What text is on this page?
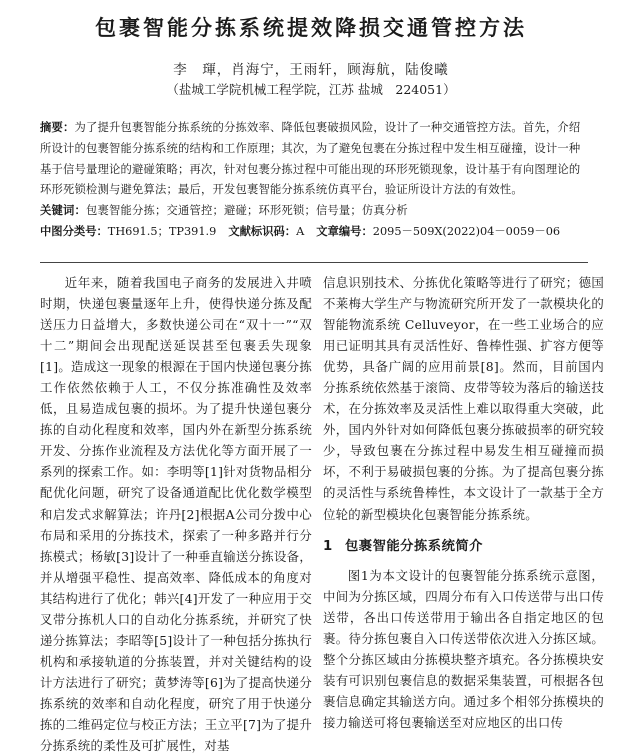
包裹智能分拣系统提效降损交通管控方法
李　琿，肖海宁，王雨轩，顾海航，陆俊曦
（盐城工学院机械工程学院，江苏 盐城　224051）

摘要：为了提升包裹智能分拣系统的分拣效率、降低包裹破损风险，设计了一种交通管控方法。首先，介绍所设计的包裹智能分拣系统的结构和工作原理；其次，为了避免包裹在分拣过程中发生相互碰撞，设计一种基于信号量理论的避碰策略；再次，针对包裹分拣过程中可能出现的环形死锁现象，设计基于有向图理论的环形死锁检测与避免算法；最后，开发包裹智能分拣系统仿真平台，验证所设计方法的有效性。

关键词：包裹智能分拣；交通管控；避碰；环形死锁；信号量；仿真分析

中图分类号：TH691.5；TP391.9 文献标识码：A 文章编号：2095－509X(2022)04－0059－06

近年来，随着我国电子商务的发展进入井喷时期，快递包裹量逐年上升，使得快递分拣及配送压力日益增大，多数快递公司在“双十一”“双十二”期间会出现配送延误甚至包裹丢失现象[1]。造成这一现象的根源在于国内快递包裹分拣工作依然依赖于人工，不仅分拣准确性及效率低，且易造成包裹的损坏。为了提升快递包裹分拣的自动化程度和效率，国内外在新型分拣系统开发、分拣作业流程及方法优化等方面开展了一系列的探索工作。如：李明等[1]针对货物品相分配优化问题，研究了设备通道配比优化数学模型和启发式求解算法；许丹[2]根据A公司分拨中心布局和采用的分拣技术，探索了一种多路并行分拣模式；杨敏[3]设计了一种垂直输送分拣设备，并从增强平稳性、提高效率、降低成本的角度对其结构进行了优化；韩兴[4]开发了一种应用于交叉带分拣机人口的自动化分拣系统，并研究了快递分拣算法；李昭等[5]设计了一种包括分拣执行机构和承接轨道的分拣装置，并对关键结构的设计方法进行了研究；黄梦涛等[6]为了提高快递分拣系统的效率和自动化程度，研究了用于快递分拣的二维码定位与校正方法；王立平[7]为了提升分拣系统的柔性及可扩展性，对基

信息识别技术、分拣优化策略等进行了研究；德国不莱梅大学生产与物流研究所开发了一款模块化的智能物流系统 Celluveyor，在一些工业场合的应用已证明其具有灵活性好、鲁棒性强、扩容方便等优势，具备广阔的应用前景[8]。然而，目前国内分拣系统依然基于滚筒、皮带等较为落后的输送技术，在分拣效率及灵活性上难以取得重大突破，此外，国内外针对如何降低包裹分拣破损率的研究较少，导致包裹在分拣过程中易发生相互碰撞而损坏，不利于易破损包裹的分拣。为了提高包裹分拣的灵活性与系统鲁棒性，本文设计了一款基于全方位轮的新型模块化包裹智能分拣系统。

1 包裹智能分拣系统简介

图1为本文设计的包裹智能分拣系统示意图，中间为分拣区域，四周分布有入口传送带与出口传送带，各出口传送带用于输出各自指定地区的包裹。待分拣包裹自入口传送带依次进入分拣区域。整个分拣区域由分拣模块整齐填充。各分拣模块安装有可识别包裹信息的数据采集装置，可根据各包裹信息确定其输送方向。通过多个相邻分拣模块的接力输送可将包裹输送至对应地区的出口传
